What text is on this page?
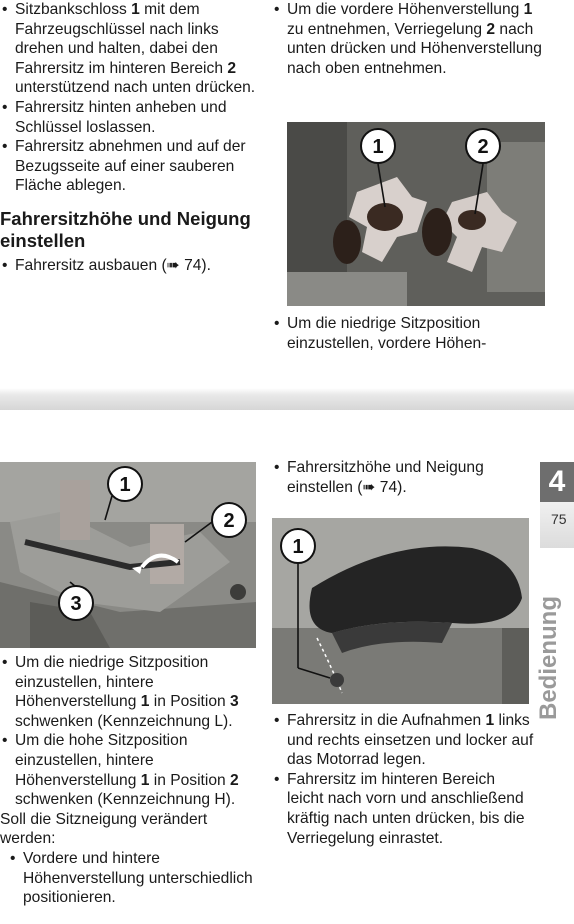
• Sitzbankschloss 1 mit dem Fahrzeugschlüssel nach links drehen und halten, dabei den Fahrersitz im hinteren Bereich 2 unterstützend nach unten drücken.
• Fahrersitz hinten anheben und Schlüssel loslassen.
• Fahrersitz abnehmen und auf der Bezugsseite auf einer sauberen Fläche ablegen.
Fahrersitzhöhe und Neigung einstellen
• Fahrersitz ausbauen (➠ 74).
• Um die vordere Höhenverstellung 1 zu entnehmen, Verriegelung 2 nach unten drücken und Höhenverstellung nach oben entnehmen.
1	2
• Um die niedrige Sitzposition einzustellen, vordere Höhen-
1
2
3
• Um die niedrige Sitzposition einzustellen, hintere Höhenverstellung 1 in Position 3 schwenken (Kennzeichnung L).
• Um die hohe Sitzposition einzustellen, hintere Höhenverstellung 1 in Position 2 schwenken (Kennzeichnung H).

Soll die Sitzneigung verändert werden:

• Vordere und hintere Höhenverstellung unterschiedlich positionieren.
• Fahrersitzhöhe und Neigung einstellen (➠ 74).
1
• Fahrersitz in die Aufnahmen 1 links und rechts einsetzen und locker auf das Motorrad legen.
• Fahrersitz im hinteren Bereich leicht nach vorn und anschließend kräftig nach unten drücken, bis die Verriegelung einrastet.
4
75
Bedienung
